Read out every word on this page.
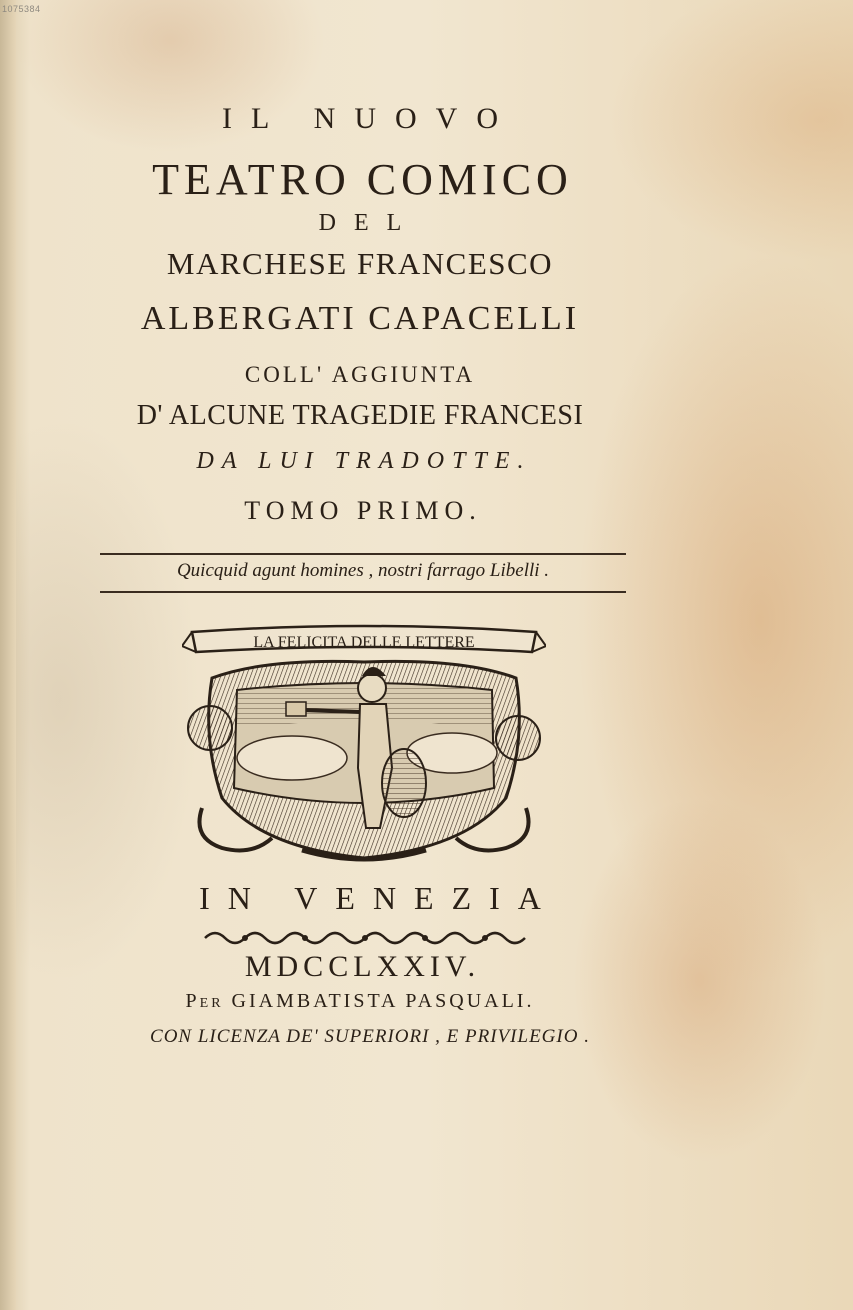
1075384
IL NUOVO
TEATRO COMICO
DEL
MARCHESE FRANCESCO
ALBERGATI CAPACELLI
COLL' AGGIUNTA
D' ALCUNE TRAGEDIE FRANCESI
DA LUI TRADOTTE.
TOMO PRIMO.
Quicquid agunt homines , nostri farrago Libelli .
LA FELICITA DELLE LETTERE
IN VENEZIA
MDCCLXXIV.
Per GIAMBATISTA PASQUALI.
CON LICENZA DE' SUPERIORI , E PRIVILEGIO .
